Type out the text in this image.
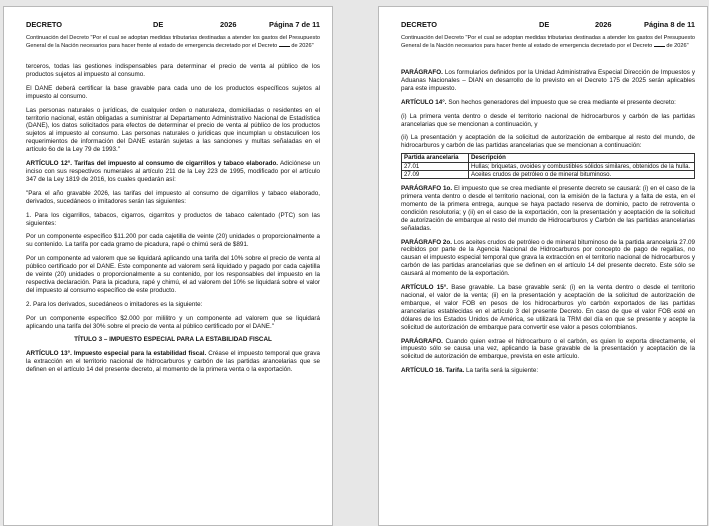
DECRETO	DE	2026	Página 7 de 11
Continuación del Decreto "Por el cual se adoptan medidas tributarias destinadas a atender los gastos del Presupuesto General de la Nación necesarios para hacer frente al estado de emergencia decretado por el Decreto	de 2026"

terceros, todas las gestiones indispensables para determinar el precio de venta al público de los productos sujetos al impuesto al consumo.

El DANE deberá certificar la base gravable para cada uno de los productos específicos sujetos al impuesto al consumo.

Las personas naturales o jurídicas, de cualquier orden o naturaleza, domiciliadas o residentes en el territorio nacional, están obligadas a suministrar al Departamento Administrativo Nacional de Estadística (DANE), los datos solicitados para efectos de determinar el precio de venta al público de los productos sujetos al impuesto al consumo. Las personas naturales o jurídicas que incumplan u obstaculicen los requerimientos de información del DANE estarán sujetas a las sanciones y multas señaladas en el artículo 6o de la Ley 79 de 1993."

ARTÍCULO 12°. Tarifas del impuesto al consumo de cigarrillos y tabaco elaborado. Adiciónese un inciso con sus respectivos numerales al artículo 211 de la Ley 223 de 1995, modificado por el artículo 347 de la Ley 1819 de 2016, los cuales quedarán así:

"Para el año gravable 2026, las tarifas del impuesto al consumo de cigarrillos y tabaco elaborado, derivados, sucedáneos o imitadores serán las siguientes:

1. Para los cigarrillos, tabacos, cigarros, cigarritos y productos de tabaco calentado (PTC) son las siguientes:

Por un componente específico $11.200 por cada cajetilla de veinte (20) unidades o proporcionalmente a su contenido. La tarifa por cada gramo de picadura, rapé o chimú será de $891.

Por un componente ad valorem que se liquidará aplicando una tarifa del 10% sobre el precio de venta al público certificado por el DANE. Este componente ad valorem será liquidado y pagado por cada cajetilla de veinte (20) unidades o proporcionalmente a su contenido, por los responsables del impuesto en la respectiva declaración. Para la picadura, rapé y chimú, el ad valorem del 10% se liquidará sobre el valor del impuesto al consumo específico de este producto.

2. Para los derivados, sucedáneos o imitadores es la siguiente:

Por un componente específico $2.000 por mililitro y un componente ad valorem que se liquidará aplicando una tarifa del 30% sobre el precio de venta al público certificado por el DANE."

TÍTULO 3 – IMPUESTO ESPECIAL PARA LA ESTABILIDAD FISCAL

ARTÍCULO 13°. Impuesto especial para la estabilidad fiscal. Créase el impuesto temporal que grava la extracción en el territorio nacional de hidrocarburos y carbón de las partidas arancelarias que se definen en el artículo 14 del presente decreto, al momento de la primera venta o la exportación.

DECRETO	DE	2026	Página 8 de 11
Continuación del Decreto "Por el cual se adoptan medidas tributarias destinadas a atender los gastos del Presupuesto General de la Nación necesarios para hacer frente al estado de emergencia decretado por el Decreto	de 2026"

PARÁGRAFO. Los formularios definidos por la Unidad Administrativa Especial Dirección de Impuestos y Aduanas Nacionales – DIAN en desarrollo de lo previsto en el Decreto 175 de 2025 serán aplicables para este impuesto.

ARTÍCULO 14°. Son hechos generadores del impuesto que se crea mediante el presente decreto:

(i) La primera venta dentro o desde el territorio nacional de hidrocarburos y carbón de las partidas arancelarias que se mencionan a continuación, y

(ii) La presentación y aceptación de la solicitud de autorización de embarque al resto del mundo, de hidrocarburos y carbón de las partidas arancelarias que se mencionan a continuación:

Partida arancelaria	Descripción
27.01	Hullas; briquetas, ovoides y combustibles sólidos similares, obtenidos de la hulla.
27.09	Aceites crudos de petróleo o de mineral bituminoso.

PARÁGRAFO 1o. El impuesto que se crea mediante el presente decreto se causará: (i) en el caso de la primera venta dentro o desde el territorio nacional, con la emisión de la factura y a falta de esta, en el momento de la primera entrega, aunque se haya pactado reserva de dominio, pacto de retroventa o condición resolutoria; y (ii) en el caso de la exportación, con la presentación y aceptación de la solicitud de autorización de embarque al resto del mundo de Hidrocarburos y Carbón de las partidas arancelarias señaladas.

PARÁGRAFO 2o. Los aceites crudos de petróleo o de mineral bituminoso de la partida arancelaria 27.09 recibidos por parte de la Agencia Nacional de Hidrocarburos por concepto de pago de regalías, no causan el impuesto especial temporal que grava la extracción en el territorio nacional de hidrocarburos y carbón de las partidas arancelarias que se definen en el artículo 14 del presente decreto. Este sólo se causará al momento de la exportación.

ARTÍCULO 15°. Base gravable. La base gravable será: (i) en la venta dentro o desde el territorio nacional, el valor de la venta; (ii) en la presentación y aceptación de la solicitud de autorización de embarque, el valor FOB en pesos de los hidrocarburos y/o carbón exportados de las partidas arancelarias establecidas en el artículo 3 del presente Decreto. En caso de que el valor FOB esté en dólares de los Estados Unidos de América, se utilizará la TRM del día en que se presente y acepte la solicitud de autorización de embarque para convertir ese valor a pesos colombianos.

PARÁGRAFO. Cuando quien extrae el hidrocarburo o el carbón, es quien lo exporta directamente, el impuesto sólo se causa una vez, aplicando la base gravable de la presentación y aceptación de la solicitud de autorización de embarque, prevista en este artículo.

ARTÍCULO 16. Tarifa. La tarifa será la siguiente:
